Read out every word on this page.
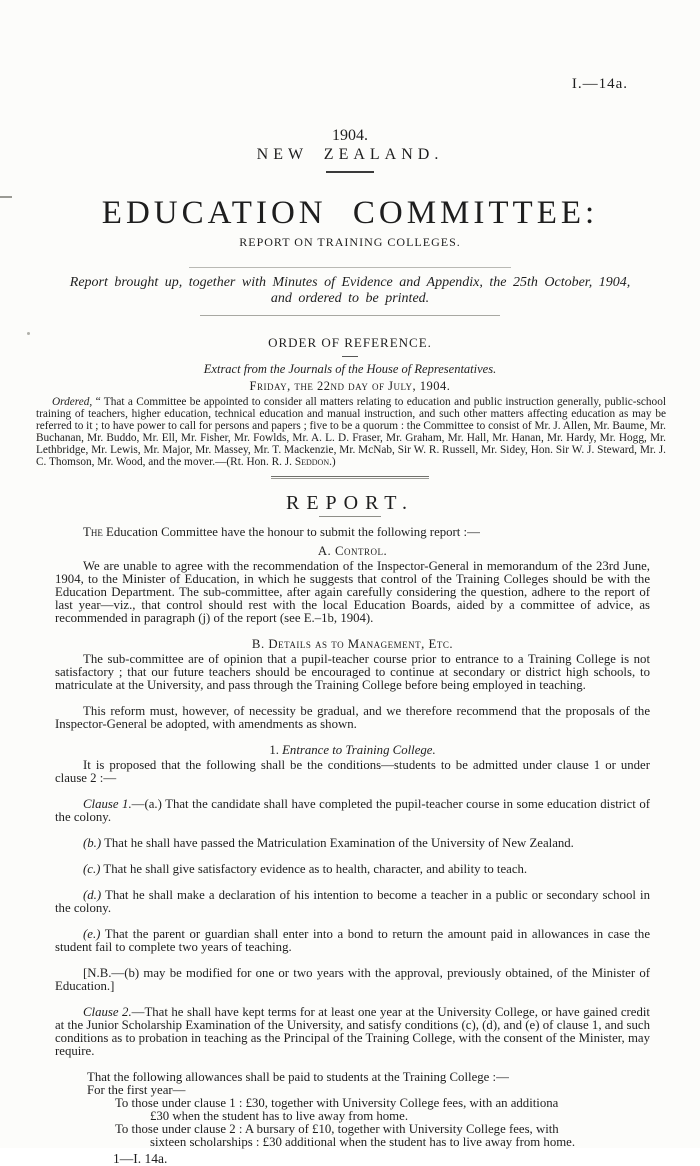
I.—14a.
1904.
NEW ZEALAND.
EDUCATION COMMITTEE:
REPORT ON TRAINING COLLEGES.
Report brought up, together with Minutes of Evidence and Appendix, the 25th October, 1904,
and ordered to be printed.
ORDER OF REFERENCE.
Extract from the Journals of the House of Representatives.
Friday, the 22nd day of July, 1904.

Ordered, “ That a Committee be appointed to consider all matters relating to education and public instruction generally, public-school training of teachers, higher education, technical education and manual instruction, and such other matters affecting education as may be referred to it ; to have power to call for persons and papers ; five to be a quorum : the Committee to consist of Mr. J. Allen, Mr. Baume, Mr. Buchanan, Mr. Buddo, Mr. Ell, Mr. Fisher, Mr. Fowlds, Mr. A. L. D. Fraser, Mr. Graham, Mr. Hall, Mr. Hanan, Mr. Hardy, Mr. Hogg, Mr. Lethbridge, Mr. Lewis, Mr. Major, Mr. Massey, Mr. T. Mackenzie, Mr. McNab, Sir W. R. Russell, Mr. Sidey, Hon. Sir W. J. Steward, Mr. J. C. Thomson, Mr. Wood, and the mover.—(Rt. Hon. R. J. Seddon.)

REPORT.
The Education Committee have the honour to submit the following report :—
A. Control.

We are unable to agree with the recommendation of the Inspector-General in memorandum of the 23rd June, 1904, to the Minister of Education, in which he suggests that control of the Training Colleges should be with the Education Department. The sub-committee, after again carefully considering the question, adhere to the report of last year—viz., that control should rest with the local Education Boards, aided by a committee of advice, as recommended in paragraph (j) of the report (see E.–1b, 1904).

B. Details as to Management, Etc.

The sub-committee are of opinion that a pupil-teacher course prior to entrance to a Training College is not satisfactory ; that our future teachers should be encouraged to continue at secondary or district high schools, to matriculate at the University, and pass through the Training College before being employed in teaching.

This reform must, however, of necessity be gradual, and we therefore recommend that the proposals of the Inspector-General be adopted, with amendments as shown.

1. Entrance to Training College.

It is proposed that the following shall be the conditions—students to be admitted under clause 1 or under clause 2 :—

Clause 1.—(a.) That the candidate shall have completed the pupil-teacher course in some education district of the colony.

(b.) That he shall have passed the Matriculation Examination of the University of New Zealand.

(c.) That he shall give satisfactory evidence as to health, character, and ability to teach.

(d.) That he shall make a declaration of his intention to become a teacher in a public or secondary school in the colony.

(e.) That the parent or guardian shall enter into a bond to return the amount paid in allowances in case the student fail to complete two years of teaching.

[N.B.—(b) may be modified for one or two years with the approval, previously obtained, of the Minister of Education.]

Clause 2.—That he shall have kept terms for at least one year at the University College, or have gained credit at the Junior Scholarship Examination of the University, and satisfy conditions (c), (d), and (e) of clause 1, and such conditions as to probation in teaching as the Principal of the Training College, with the consent of the Minister, may require.

That the following allowances shall be paid to students at the Training College :—
For the first year—
To those under clause 1 : £30, together with University College fees, with an additiona
£30 when the student has to live away from home.
To those under clause 2 : A bursary of £10, together with University College fees, with
sixteen scholarships : £30 additional when the student has to live away from home.
1—I. 14a.
